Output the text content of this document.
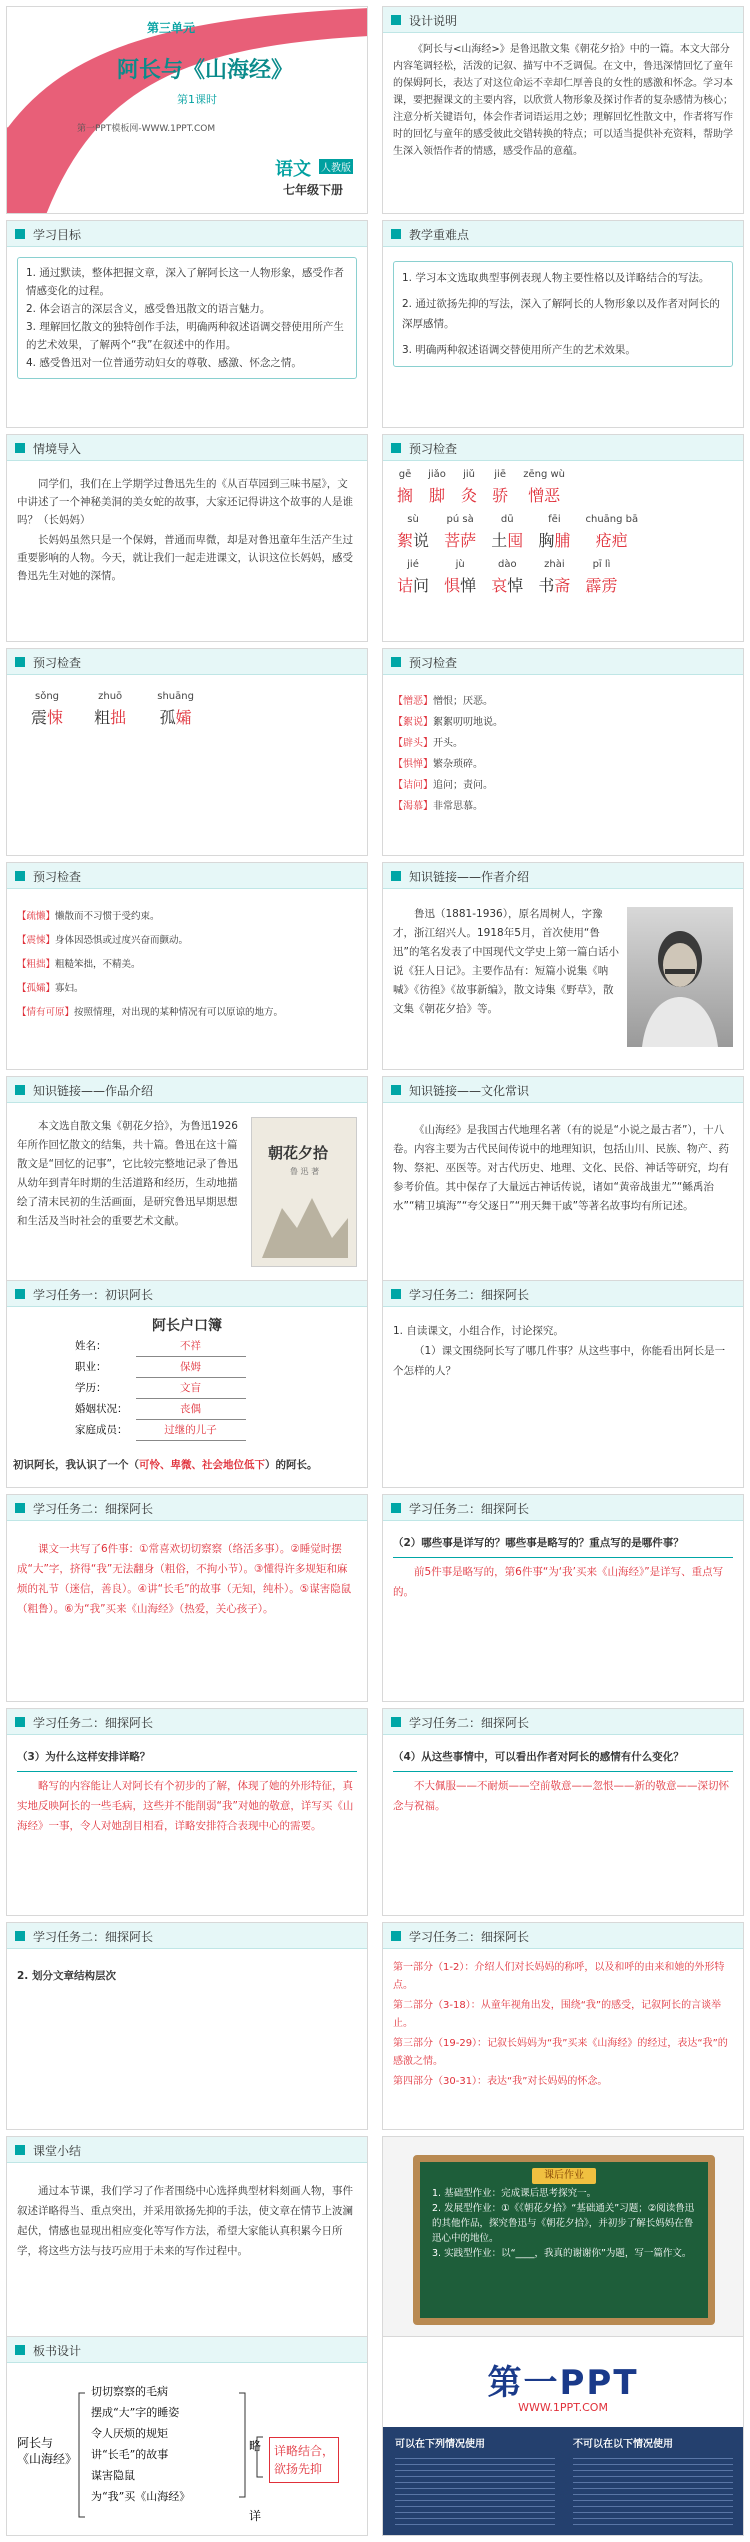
第三单元
阿长与《山海经》
第1课时
第一PPT模板网-WWW.1PPT.COM
语文 人教版
七年级下册
设计说明

《阿长与<山海经>》是鲁迅散文集《朝花夕拾》中的一篇。本文大部分内容笔调轻松，活泼的记叙、描写中不乏调侃。在文中，鲁迅深情回忆了童年的保姆阿长，表达了对这位命运不幸却仁厚善良的女性的感激和怀念。学习本课，要把握课文的主要内容，以欣赏人物形象及探讨作者的复杂感情为核心；注意分析关键语句，体会作者词语运用之妙；理解回忆性散文中，作者将写作时的回忆与童年的感受彼此交错转换的特点；可以适当提供补充资料，帮助学生深入领悟作者的情感，感受作品的意蕴。

学习目标
1. 通过默读，整体把握文章，深入了解阿长这一人物形象，感受作者情感变化的过程。
2. 体会语言的深层含义，感受鲁迅散文的语言魅力。
3. 理解回忆散文的独特创作手法，明确两种叙述语调交替使用所产生的艺术效果，了解两个“我”在叙述中的作用。
4. 感受鲁迅对一位普通劳动妇女的尊敬、感激、怀念之情。
教学重难点
1. 学习本文选取典型事例表现人物主要性格以及详略结合的写法。
2. 通过欲扬先抑的写法，深入了解阿长的人物形象以及作者对阿长的深厚感情。
3. 明确两种叙述语调交替使用所产生的艺术效果。
情境导入

同学们，我们在上学期学过鲁迅先生的《从百草园到三味书屋》，文中讲述了一个神秘美洞的美女蛇的故事，大家还记得讲这个故事的人是谁吗？（长妈妈）

长妈妈虽然只是一个保姆，普通而卑微，却是对鲁迅童年生活产生过重要影响的人物。今天，就让我们一起走进课文，认识这位长妈妈，感受鲁迅先生对她的深情。

预习检查
gē
搁

jiǎo
脚

jiǔ
灸

jiē
骄

zēng wù
憎恶
sù
絮说

pú sà
菩萨

dū
土囤

fēi
胸脯

chuāng bā
疮疤
jié
诘问

jù
惧惮

dào
哀悼

zhài
书斋

pī lì
霹雳
预习检查
sǒng
震悚

zhuō
粗拙

shuāng
孤孀
预习检查
【憎恶】憎恨；厌恶。
【絮说】絮絮叨叨地说。
【辟头】开头。
【惧惮】繁杂琐碎。
【诘问】追问；责问。
【渴慕】非常思慕。
预习检查
【疏懒】懒散而不习惯于受约束。
【震悚】身体因恐惧或过度兴奋而颤动。
【粗拙】粗糙笨拙，不精美。
【孤孀】寡妇。
【情有可原】按照情理，对出现的某种情况有可以原谅的地方。
知识链接——作者介绍

鲁迅（1881-1936），原名周树人，字豫才，浙江绍兴人。1918年5月，首次使用“鲁迅”的笔名发表了中国现代文学史上第一篇白话小说《狂人日记》。主要作品有：短篇小说集《呐喊》《彷徨》《故事新编》，散文诗集《野草》，散文集《朝花夕拾》等。

知识链接——作品介绍

本文选自散文集《朝花夕拾》，为鲁迅1926年所作回忆散文的结集，共十篇。鲁迅在这十篇散文是“回忆的记事”，它比较完整地记录了鲁迅从幼年到青年时期的生活道路和经历，生动地描绘了清末民初的生活画面，是研究鲁迅早期思想和生活及当时社会的重要艺术文献。

朝花夕拾
鲁 迅 著
知识链接——文化常识

《山海经》是我国古代地理名著（有的说是“小说之最古者”），十八卷。内容主要为古代民间传说中的地理知识，包括山川、民族、物产、药物、祭祀、巫医等。对古代历史、地理、文化、民俗、神话等研究，均有参考价值。其中保存了大量远古神话传说，诸如“黄帝战蚩尤”“鲧禹治水”“精卫填海”“夸父逐日”“刑天舞干戚”等著名故事均有所记述。

学习任务一：初识阿长
阿长户口簿
姓名：	不祥
职业：	保姆
学历：	文盲
婚姻状况：	丧偶
家庭成员：	过继的儿子
初识阿长，我认识了一个（可怜、卑微、社会地位低下）的阿长。
学习任务二：细探阿长
1. 自读课文，小组合作，讨论探究。

（1）课文围绕阿长写了哪几件事？从这些事中，你能看出阿长是一个怎样的人？

学习任务二：细探阿长

课文一共写了6件事：①常喜欢切切察察（络活多事）。②睡觉时摆成“大”字，挤得“我”无法翻身（粗俗，不拘小节）。③懂得许多规矩和麻烦的礼节（迷信，善良）。④讲“长毛”的故事（无知，纯朴）。⑤谋害隐鼠（粗鲁）。⑥为“我”买来《山海经》（热爱，关心孩子）。

学习任务二：细探阿长
（2）哪些事是详写的？哪些事是略写的？重点写的是哪件事？

前5件事是略写的，第6件事“为‘我’买来《山海经》”是详写、重点写的。

学习任务二：细探阿长
（3）为什么这样安排详略？

略写的内容能让人对阿长有个初步的了解，体现了她的外形特征，真实地反映阿长的一些毛病，这些并不能削弱“我”对她的敬意，详写买《山海经》一事，令人对她刮目相看，详略安排符合表现中心的需要。

学习任务二：细探阿长
（4）从这些事情中，可以看出作者对阿长的感情有什么变化？

不大佩服——不耐烦——空前敬意——忽恨——新的敬意——深切怀念与祝福。

学习任务二：细探阿长
2. 划分文章结构层次
学习任务二：细探阿长
第一部分（1-2）：介绍人们对长妈妈的称呼，以及和呼的由来和她的外形特点。
第二部分（3-18）：从童年视角出发，围绕“我”的感受，记叙阿长的言谈举止。
第三部分（19-29）：记叙长妈妈为“我”买来《山海经》的经过，表达“我”的感激之情。
第四部分（30-31）：表达“我”对长妈妈的怀念。
课堂小结

通过本节课，我们学习了作者围绕中心选择典型材料刻画人物，事件叙述详略得当、重点突出，并采用欲扬先抑的手法，使文章在情节上波澜起伏，情感也显现出相应变化等写作方法，希望大家能认真积累今日所学，将这些方法与技巧应用于未来的写作过程中。

课后作业
1. 基础型作业：完成课后思考探究一。
2. 发展型作业：①《《朝花夕拾》“基础通关”习题；②阅读鲁迅的其他作品，探究鲁迅与《朝花夕拾》，并初步了解长妈妈在鲁迅心中的地位。
3. 实践型作业：以“____，我真的谢谢你”为题，写一篇作文。
板书设计
阿长与
《山海经》
切切察察的毛病
摆成“大”字的睡姿
令人厌烦的规矩
讲“长毛”的故事
谋害隐鼠
为“我”买《山海经》
略
详
详略结合，欲扬先抑
第一PPT
WWW.1PPT.COM
可以在下列情况使用	不可以在以下情况使用
